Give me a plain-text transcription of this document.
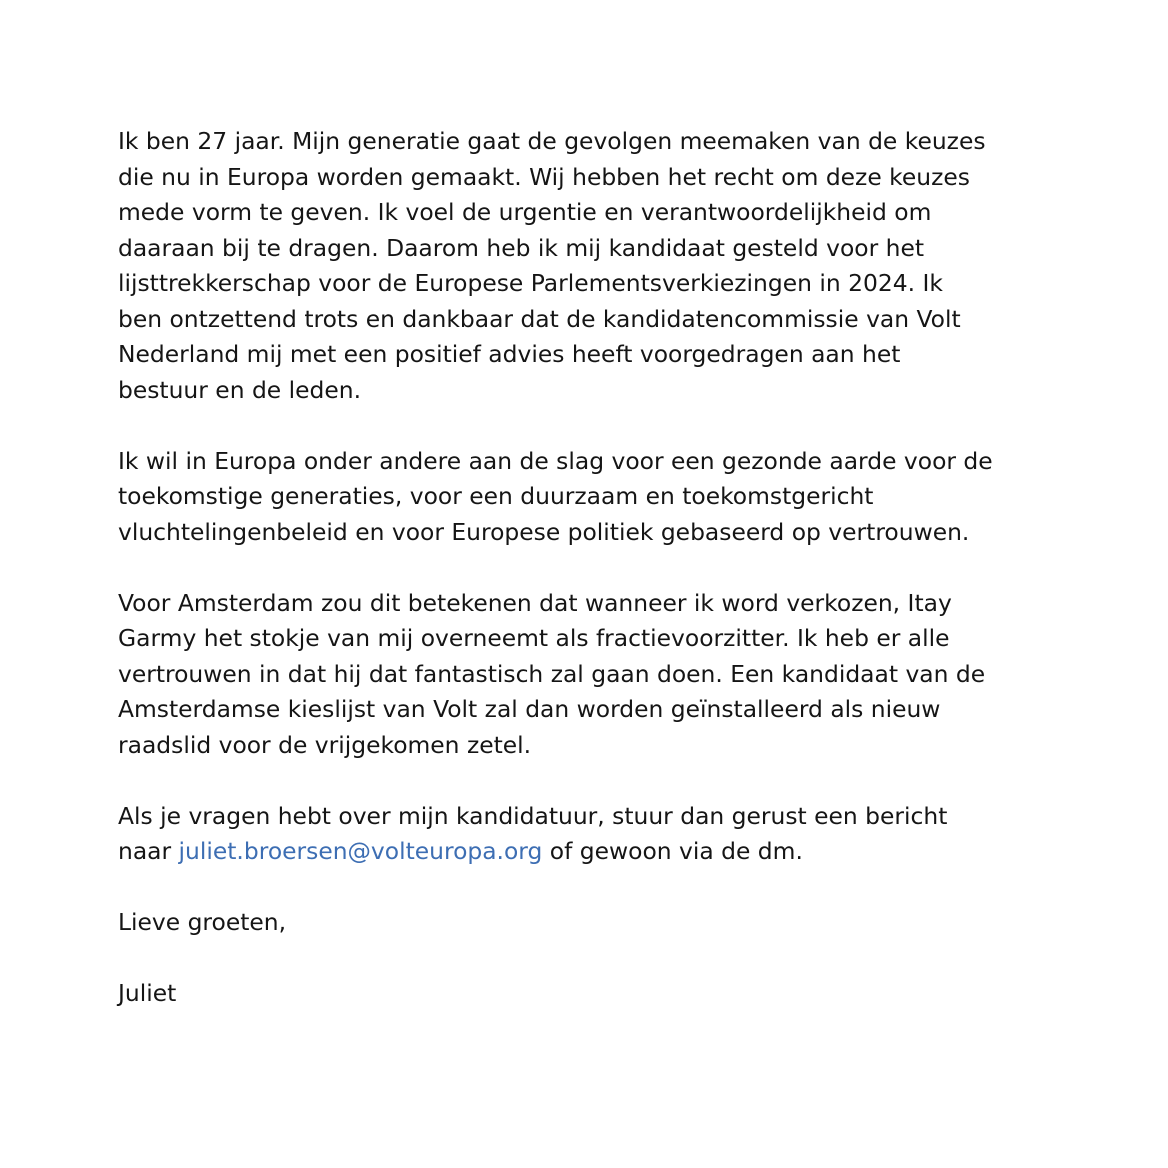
Ik ben 27 jaar. Mijn generatie gaat de gevolgen meemaken van de keuzes
die nu in Europa worden gemaakt. Wij hebben het recht om deze keuzes
mede vorm te geven. Ik voel de urgentie en verantwoordelijkheid om
daaraan bij te dragen. Daarom heb ik mij kandidaat gesteld voor het
lijsttrekkerschap voor de Europese Parlementsverkiezingen in 2024. Ik
ben ontzettend trots en dankbaar dat de kandidatencommissie van Volt
Nederland mij met een positief advies heeft voorgedragen aan het
bestuur en de leden.
Ik wil in Europa onder andere aan de slag voor een gezonde aarde voor de
toekomstige generaties, voor een duurzaam en toekomstgericht
vluchtelingenbeleid en voor Europese politiek gebaseerd op vertrouwen.
Voor Amsterdam zou dit betekenen dat wanneer ik word verkozen, Itay
Garmy het stokje van mij overneemt als fractievoorzitter. Ik heb er alle
vertrouwen in dat hij dat fantastisch zal gaan doen. Een kandidaat van de
Amsterdamse kieslijst van Volt zal dan worden geïnstalleerd als nieuw
raadslid voor de vrijgekomen zetel.
Als je vragen hebt over mijn kandidatuur, stuur dan gerust een bericht
naar juliet.broersen@volteuropa.org of gewoon via de dm.
Lieve groeten,
Juliet
